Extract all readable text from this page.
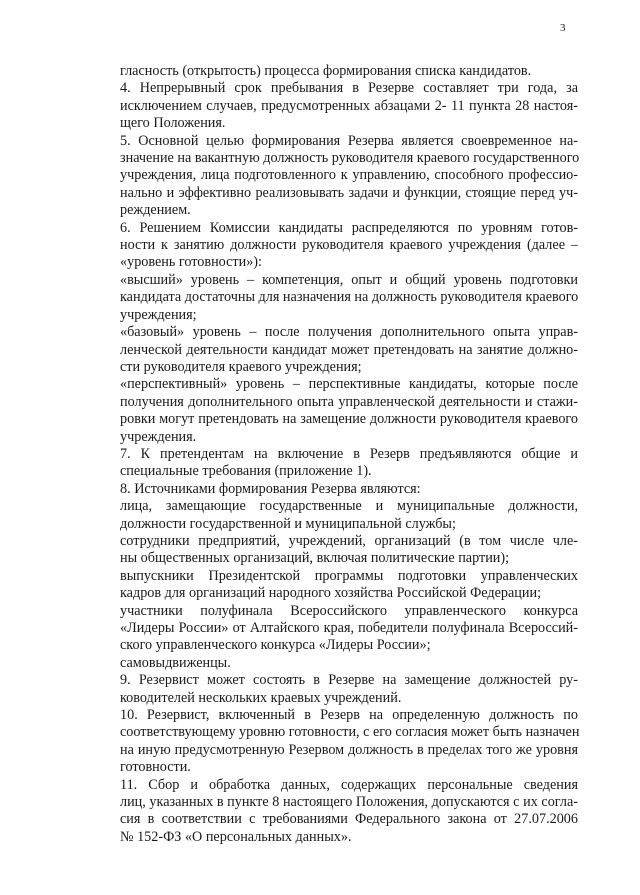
3

гласность (открытость) процесса формирования списка кандидатов.

4. Непрерывный срок пребывания в Резерве составляет три года, за
исключением случаев, предусмотренных абзацами 2- 11 пункта 28 настоя-
щего Положения.

5. Основной целью формирования Резерва является своевременное на-
значение на вакантную должность руководителя краевого государственного
учреждения, лица подготовленного к управлению, способного профессио-
нально и эффективно реализовывать задачи и функции, стоящие перед уч-
реждением.

6. Решением Комиссии кандидаты распределяются по уровням готов-
ности к занятию должности руководителя краевого учреждения (далее –
«уровень готовности»):

«высший» уровень – компетенция, опыт и общий уровень подготовки
кандидата достаточны для назначения на должность руководителя краевого
учреждения;

«базовый» уровень – после получения дополнительного опыта управ-
ленческой деятельности кандидат может претендовать на занятие должно-
сти руководителя краевого учреждения;

«перспективный» уровень – перспективные кандидаты, которые после
получения дополнительного опыта управленческой деятельности и стажи-
ровки могут претендовать на замещение должности руководителя краевого
учреждения.

7. К претендентам на включение в Резерв предъявляются общие и
специальные требования (приложение 1).

8. Источниками формирования Резерва являются:

лица, замещающие государственные и муниципальные должности,
должности государственной и муниципальной службы;

сотрудники предприятий, учреждений, организаций (в том числе чле-
ны общественных организаций, включая политические партии);

выпускники Президентской программы подготовки управленческих
кадров для организаций народного хозяйства Российской Федерации;

участники полуфинала Всероссийского управленческого конкурса
«Лидеры России» от Алтайского края, победители полуфинала Всероссий-
ского управленческого конкурса «Лидеры России»;

самовыдвиженцы.

9. Резервист может состоять в Резерве на замещение должностей ру-
ководителей нескольких краевых учреждений.

10. Резервист, включенный в Резерв на определенную должность по
соответствующему уровню готовности, с его согласия может быть назначен
на иную предусмотренную Резервом должность в пределах того же уровня
готовности.

11. Сбор и обработка данных, содержащих персональные сведения
лиц, указанных в пункте 8 настоящего Положения, допускаются с их согла-
сия в соответствии с требованиями Федерального закона от 27.07.2006
№ 152-ФЗ «О персональных данных».
